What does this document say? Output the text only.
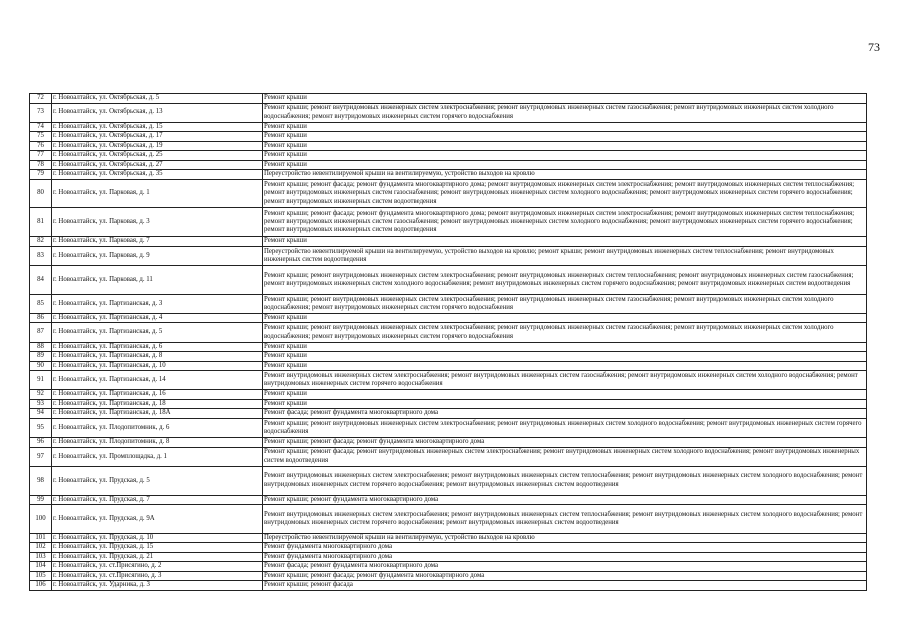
73
72	г. Новоалтайск, ул. Октябрьская, д. 5	Ремонт крыши
73	г. Новоалтайск, ул. Октябрьская, д. 13	Ремонт крыши; ремонт внутридомовых инженерных систем электроснабжения; ремонт внутридомовых инженерных систем газоснабжения; ремонт внутридомовых инженерных систем холодного водоснабжения; ремонт внутридомовых инженерных систем горячего водоснабжения
74	г. Новоалтайск, ул. Октябрьская, д. 15	Ремонт крыши
75	г. Новоалтайск, ул. Октябрьская, д. 17	Ремонт крыши
76	г. Новоалтайск, ул. Октябрьская, д. 19	Ремонт крыши
77	г. Новоалтайск, ул. Октябрьская, д. 25	Ремонт крыши
78	г. Новоалтайск, ул. Октябрьская, д. 27	Ремонт крыши
79	г. Новоалтайск, ул. Октябрьская, д. 35	Переустройство невентилируемой крыши на вентилируемую, устройство выходов на кровлю
80	г. Новоалтайск, ул. Парковая, д. 1	Ремонт крыши; ремонт фасада; ремонт фундамента многоквартирного дома; ремонт внутридомовых инженерных систем электроснабжения; ремонт внутридомовых инженерных систем теплоснабжения; ремонт внутридомовых инженерных систем газоснабжения; ремонт внутридомовых инженерных систем холодного водоснабжения; ремонт внутридомовых инженерных систем горячего водоснабжения; ремонт внутридомовых инженерных систем водоотведения
81	г. Новоалтайск, ул. Парковая, д. 3	Ремонт крыши; ремонт фасада; ремонт фундамента многоквартирного дома; ремонт внутридомовых инженерных систем электроснабжения; ремонт внутридомовых инженерных систем теплоснабжения; ремонт внутридомовых инженерных систем газоснабжения; ремонт внутридомовых инженерных систем холодного водоснабжения; ремонт внутридомовых инженерных систем горячего водоснабжения; ремонт внутридомовых инженерных систем водоотведения
82	г. Новоалтайск, ул. Парковая, д. 7	Ремонт крыши
83	г. Новоалтайск, ул. Парковая, д. 9	Переустройство невентилируемой крыши на вентилируемую, устройство выходов на кровлю; ремонт крыши; ремонт внутридомовых инженерных систем теплоснабжения; ремонт внутридомовых инженерных систем водоотведения
84	г. Новоалтайск, ул. Парковая, д. 11	Ремонт крыши; ремонт внутридомовых инженерных систем электроснабжения; ремонт внутридомовых инженерных систем теплоснабжения; ремонт внутридомовых инженерных систем газоснабжения; ремонт внутридомовых инженерных систем холодного водоснабжения; ремонт внутридомовых инженерных систем горячего водоснабжения; ремонт внутридомовых инженерных систем водоотведения
85	г. Новоалтайск, ул. Партизанская, д. 3	Ремонт крыши; ремонт внутридомовых инженерных систем электроснабжения; ремонт внутридомовых инженерных систем газоснабжения; ремонт внутридомовых инженерных систем холодного водоснабжения; ремонт внутридомовых инженерных систем горячего водоснабжения
86	г. Новоалтайск, ул. Партизанская, д. 4	Ремонт крыши
87	г. Новоалтайск, ул. Партизанская, д. 5	Ремонт крыши; ремонт внутридомовых инженерных систем электроснабжения; ремонт внутридомовых инженерных систем газоснабжения; ремонт внутридомовых инженерных систем холодного водоснабжения; ремонт внутридомовых инженерных систем горячего водоснабжения
88	г. Новоалтайск, ул. Партизанская, д. 6	Ремонт крыши
89	г. Новоалтайск, ул. Партизанская, д. 8	Ремонт крыши
90	г. Новоалтайск, ул. Партизанская, д. 10	Ремонт крыши
91	г. Новоалтайск, ул. Партизанская, д. 14	Ремонт внутридомовых инженерных систем электроснабжения; ремонт внутридомовых инженерных систем газоснабжения; ремонт внутридомовых инженерных систем холодного водоснабжения; ремонт внутридомовых инженерных систем горячего водоснабжения
92	г. Новоалтайск, ул. Партизанская, д. 16	Ремонт крыши
93	г. Новоалтайск, ул. Партизанская, д. 18	Ремонт крыши
94	г. Новоалтайск, ул. Партизанская, д. 18А	Ремонт фасада; ремонт фундамента многоквартирного дома
95	г. Новоалтайск, ул. Плодопитомник, д. 6	Ремонт крыши; ремонт внутридомовых инженерных систем электроснабжения; ремонт внутридомовых инженерных систем холодного водоснабжения; ремонт внутридомовых инженерных систем горячего водоснабжения
96	г. Новоалтайск, ул. Плодопитомник, д. 8	Ремонт крыши; ремонт фасада; ремонт фундамента многоквартирного дома
97	г. Новоалтайск, ул. Промплощадка, д. 1	Ремонт крыши; ремонт фасада; ремонт внутридомовых инженерных систем электроснабжения; ремонт внутридомовых инженерных систем холодного водоснабжения; ремонт внутридомовых инженерных систем водоотведения
98	г. Новоалтайск, ул. Прудская, д. 5	Ремонт внутридомовых инженерных систем электроснабжения; ремонт внутридомовых инженерных систем теплоснабжения; ремонт внутридомовых инженерных систем холодного водоснабжения; ремонт внутридомовых инженерных систем горячего водоснабжения; ремонт внутридомовых инженерных систем водоотведения
99	г. Новоалтайск, ул. Прудская, д. 7	Ремонт крыши; ремонт фундамента многоквартирного дома
100	г. Новоалтайск, ул. Прудская, д. 9А	Ремонт внутридомовых инженерных систем электроснабжения; ремонт внутридомовых инженерных систем теплоснабжения; ремонт внутридомовых инженерных систем холодного водоснабжения; ремонт внутридомовых инженерных систем горячего водоснабжения; ремонт внутридомовых инженерных систем водоотведения
101	г. Новоалтайск, ул. Прудская, д. 10	Переустройство невентилируемой крыши на вентилируемую, устройство выходов на кровлю
102	г. Новоалтайск, ул. Прудская, д. 15	Ремонт фундамента многоквартирного дома
103	г. Новоалтайск, ул. Прудская, д. 21	Ремонт фундамента многоквартирного дома
104	г. Новоалтайск, ул. ст.Присягино, д. 2	Ремонт фасада; ремонт фундамента многоквартирного дома
105	г. Новоалтайск, ул. ст.Присягино, д. 3	Ремонт крыши; ремонт фасада; ремонт фундамента многоквартирного дома
106	г. Новоалтайск, ул. Ударника, д. 3	Ремонт крыши; ремонт фасада
